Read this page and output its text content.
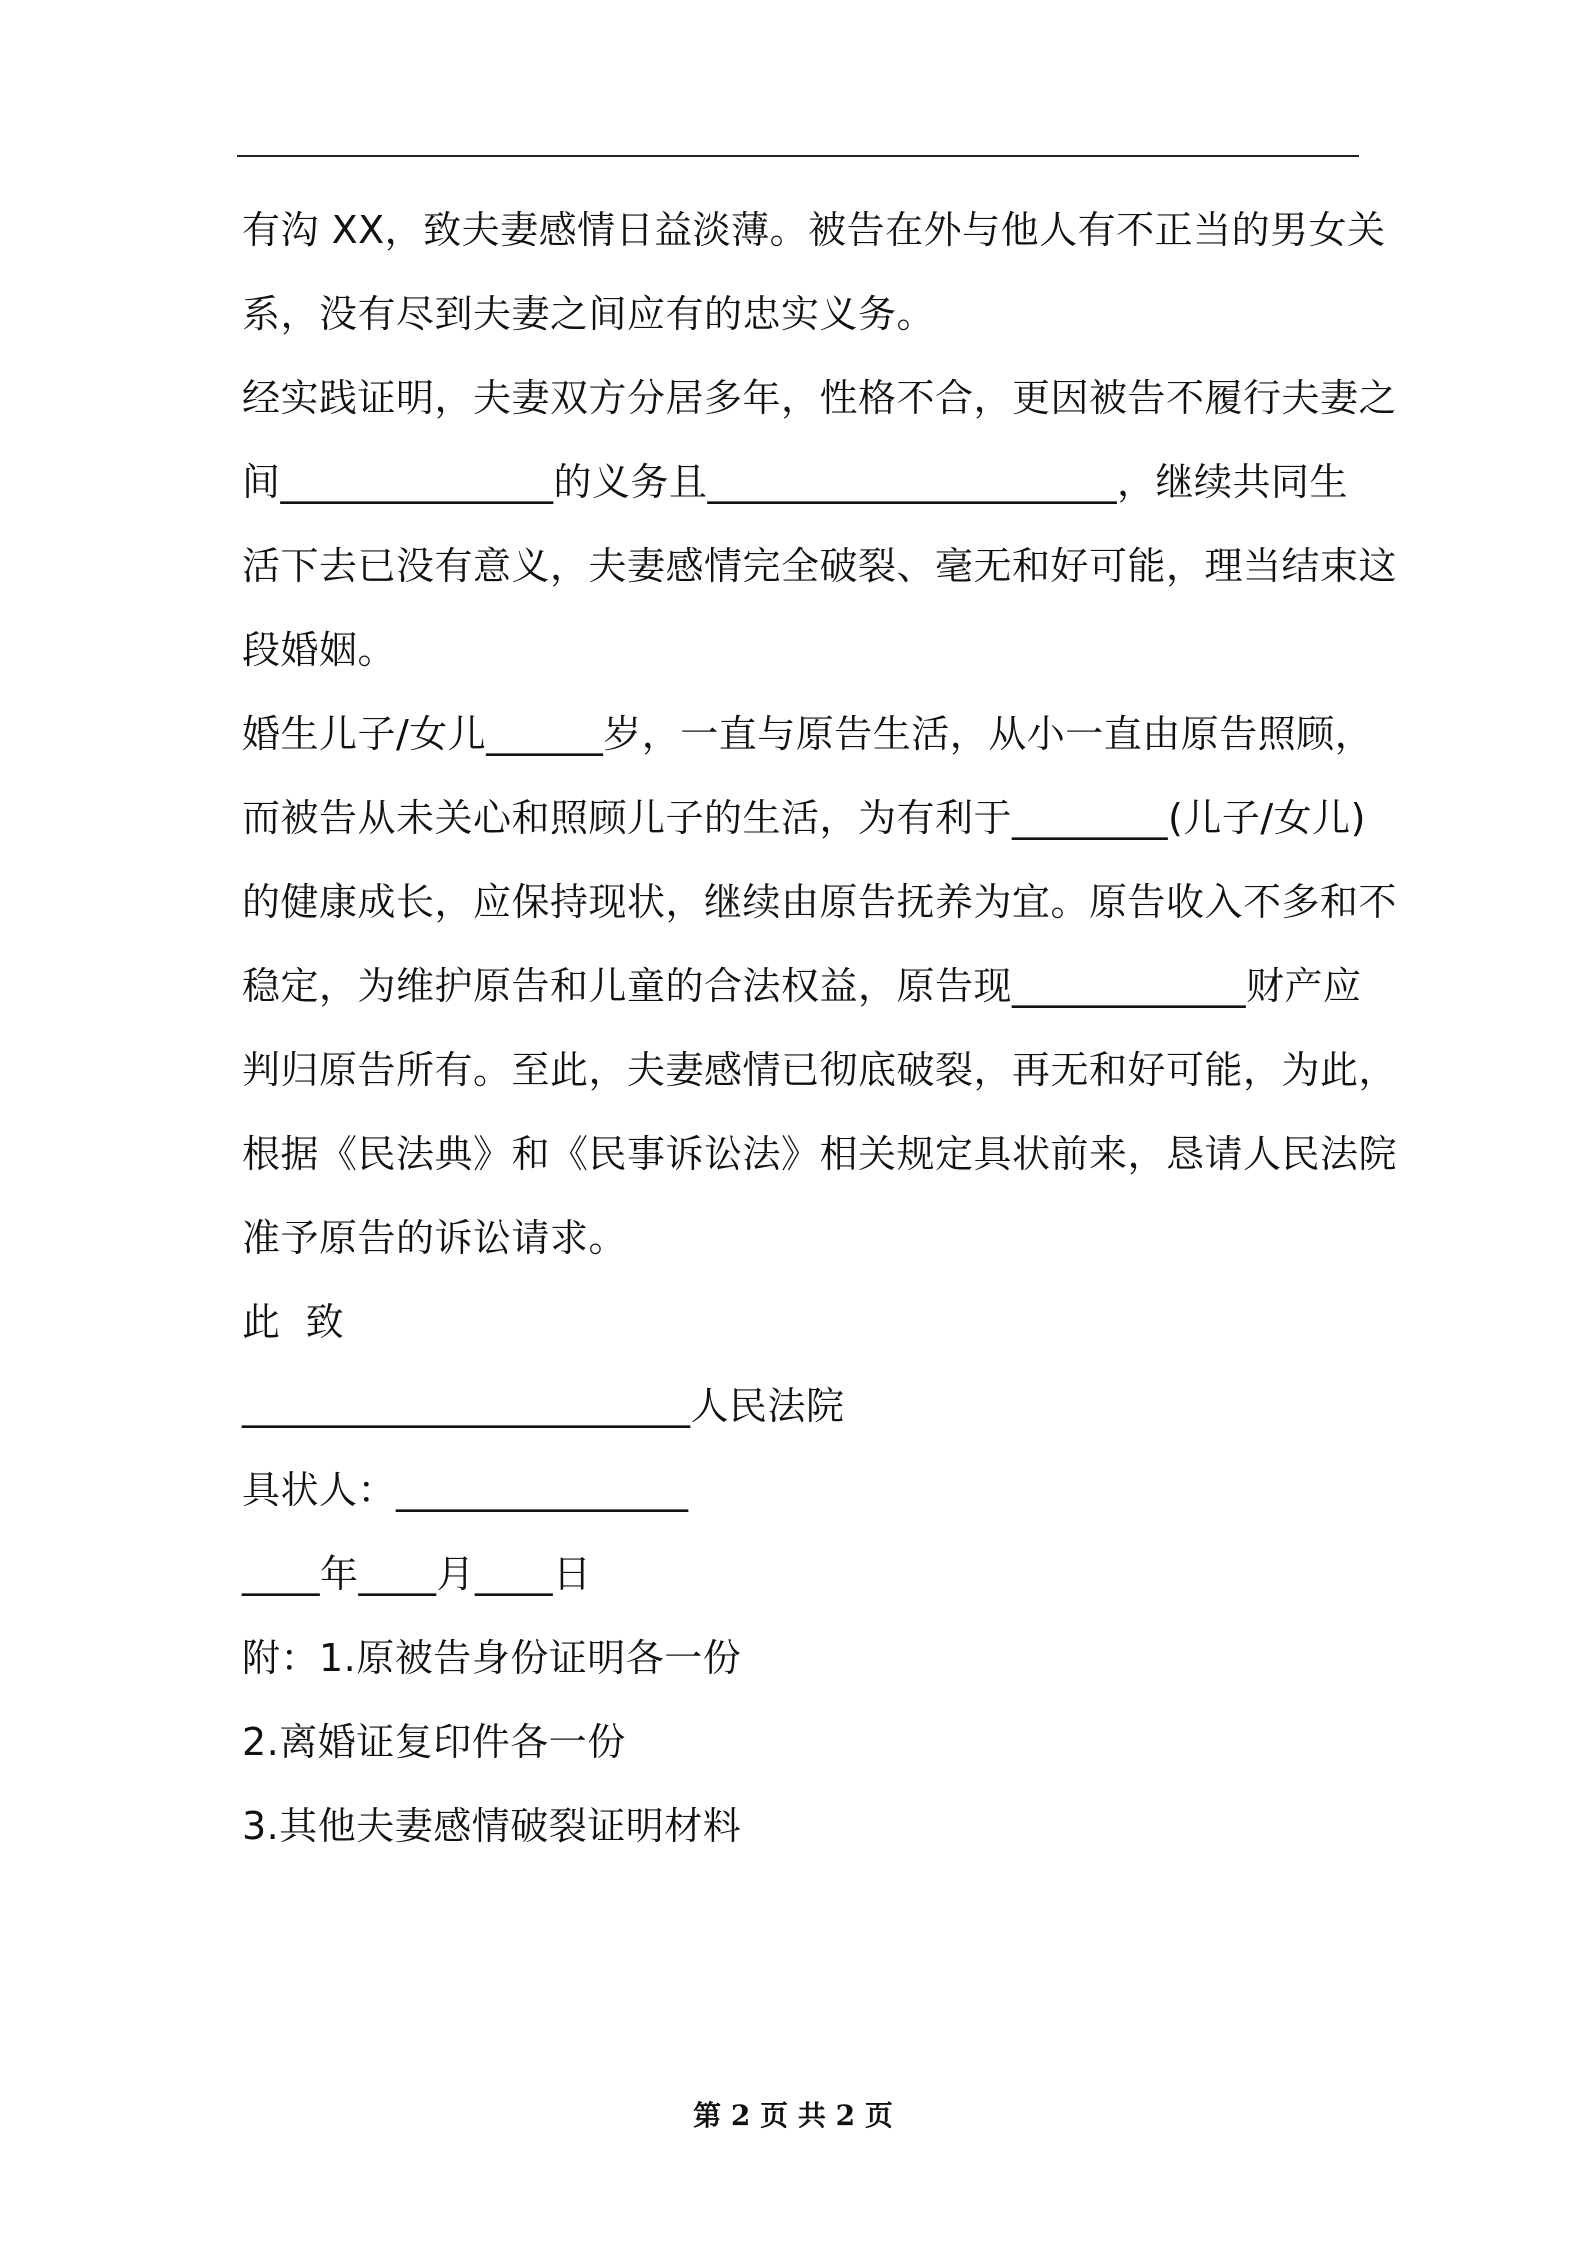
有沟 XX，致夫妻感情日益淡薄。被告在外与他人有不正当的男女关
系，没有尽到夫妻之间应有的忠实义务。
经实践证明，夫妻双方分居多年，性格不合，更因被告不履行夫妻之
间______________的义务且_____________________，继续共同生
活下去已没有意义，夫妻感情完全破裂、毫无和好可能，理当结束这
段婚姻。
婚生儿子/女儿______岁，一直与原告生活，从小一直由原告照顾，
而被告从未关心和照顾儿子的生活，为有利于________(儿子/女儿)
的健康成长，应保持现状，继续由原告抚养为宜。原告收入不多和不
稳定，为维护原告和儿童的合法权益，原告现____________财产应
判归原告所有。至此，夫妻感情已彻底破裂，再无和好可能，为此，
根据《民法典》和《民事诉讼法》相关规定具状前来，恳请人民法院
准予原告的诉讼请求。
此  致
_______________________人民法院
具状人：_______________
____年____月____日
附：1.原被告身份证明各一份
2.离婚证复印件各一份
3.其他夫妻感情破裂证明材料
第 2 页 共 2 页
